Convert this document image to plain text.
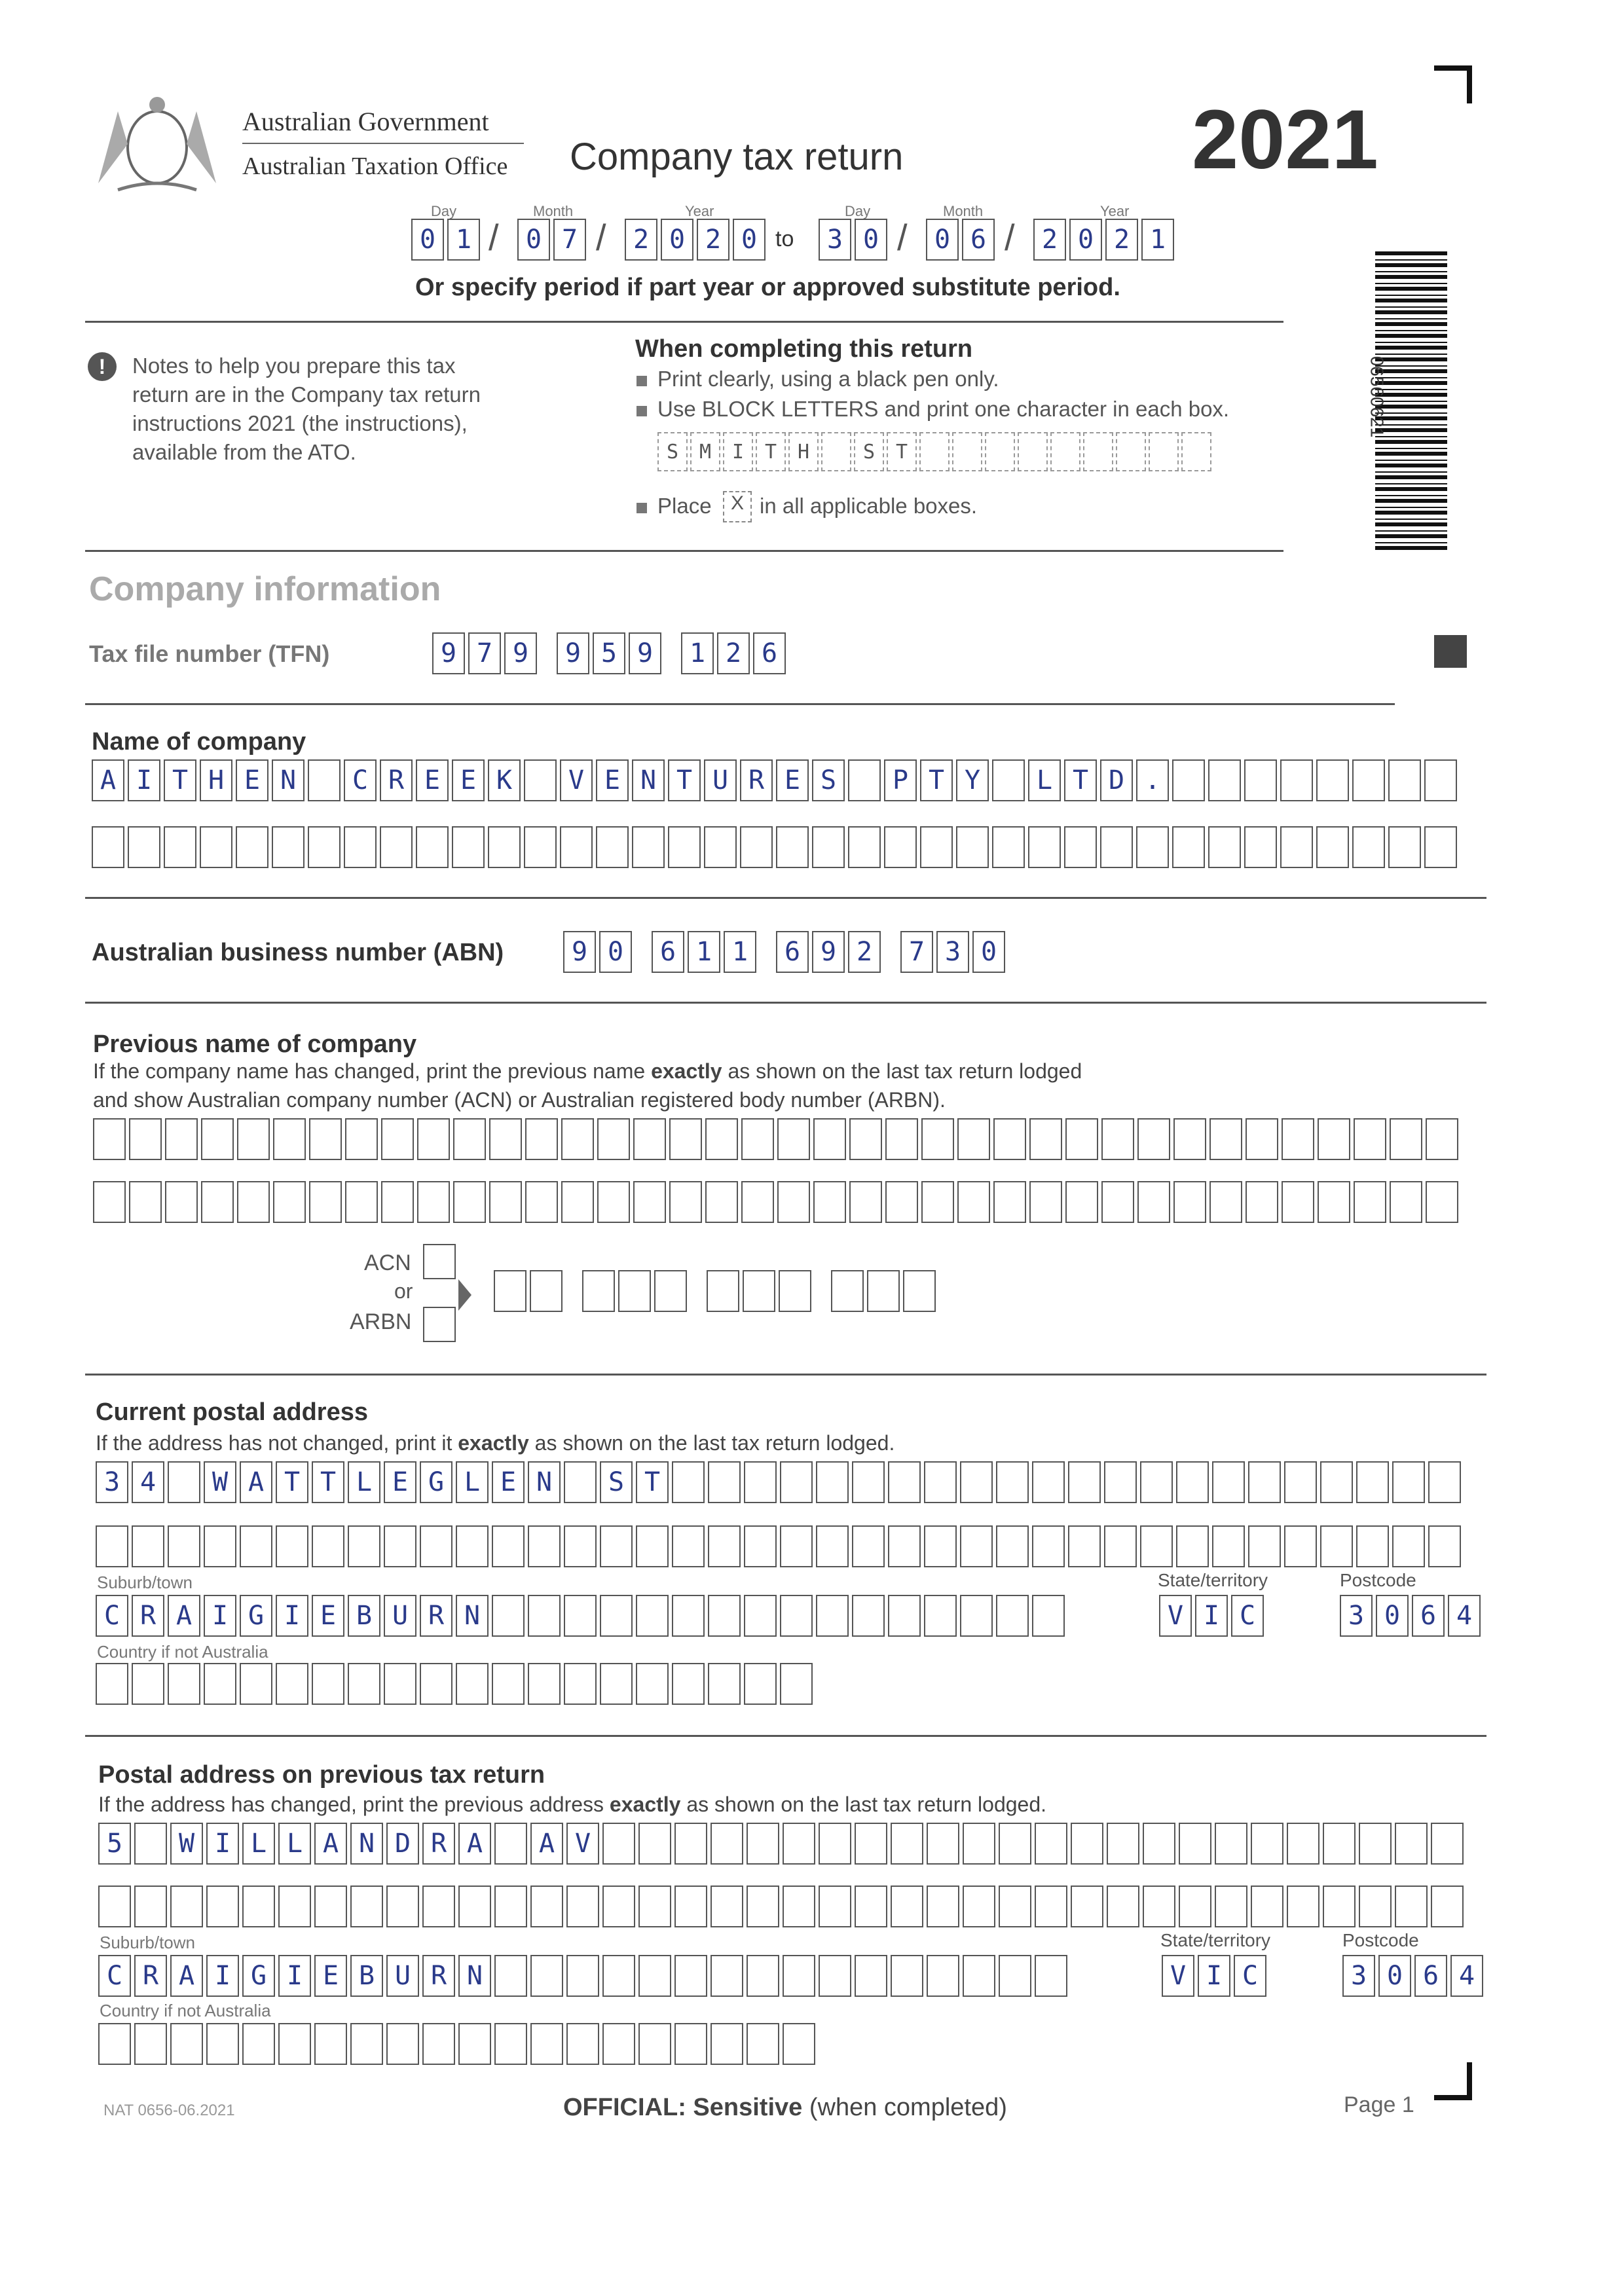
Australian Government
Australian Taxation Office Company tax return	2021
06560621
Day	Month	Year	Day	Month	Year
0 1 /	0 7 /	2 0 2 0 to	3 0 /	0 6 /	2 0 2 1
Or specify period if part year or approved substitute period.
!	Notes to help you prepare this tax
return are in the Company tax return
instructions 2021 (the instructions),
available from the ATO.
When completing this return
Print clearly, using a black pen only.
Use BLOCK LETTERS and print one character in each box.
S	M	I	T	H	S	T
Place X in all applicable boxes.
Company information
Tax file number (TFN)	9 7 9	9 5 9	1 2 6
Name of company
A I T H E N	C R E E K	V E N T U R E S	P T Y	L T D .
Australian business number (ABN)	9 0	6 1 1	6 9 2	7 3 0
Previous name of company
If the company name has changed, print the previous name exactly as shown on the last tax return lodged
and show Australian company number (ACN) or Australian registered body number (ARBN).
ACN
or
ARBN
Current postal address
If the address has not changed, print it exactly as shown on the last tax return lodged.
3 4	W A T T L E G L E N	S T
Suburb/town	State/territory	Postcode
C R A I G I E B U R N	V I C	3 0 6 4
Country if not Australia
Postal address on previous tax return
If the address has changed, print the previous address exactly as shown on the last tax return lodged.
5	W I L L A N D R A	A V
Suburb/town	State/territory	Postcode
C R A I G I E B U R N	V I C	3 0 6 4
Country if not Australia
NAT 0656-06.2021	OFFICIAL: Sensitive (when completed)	Page 1
